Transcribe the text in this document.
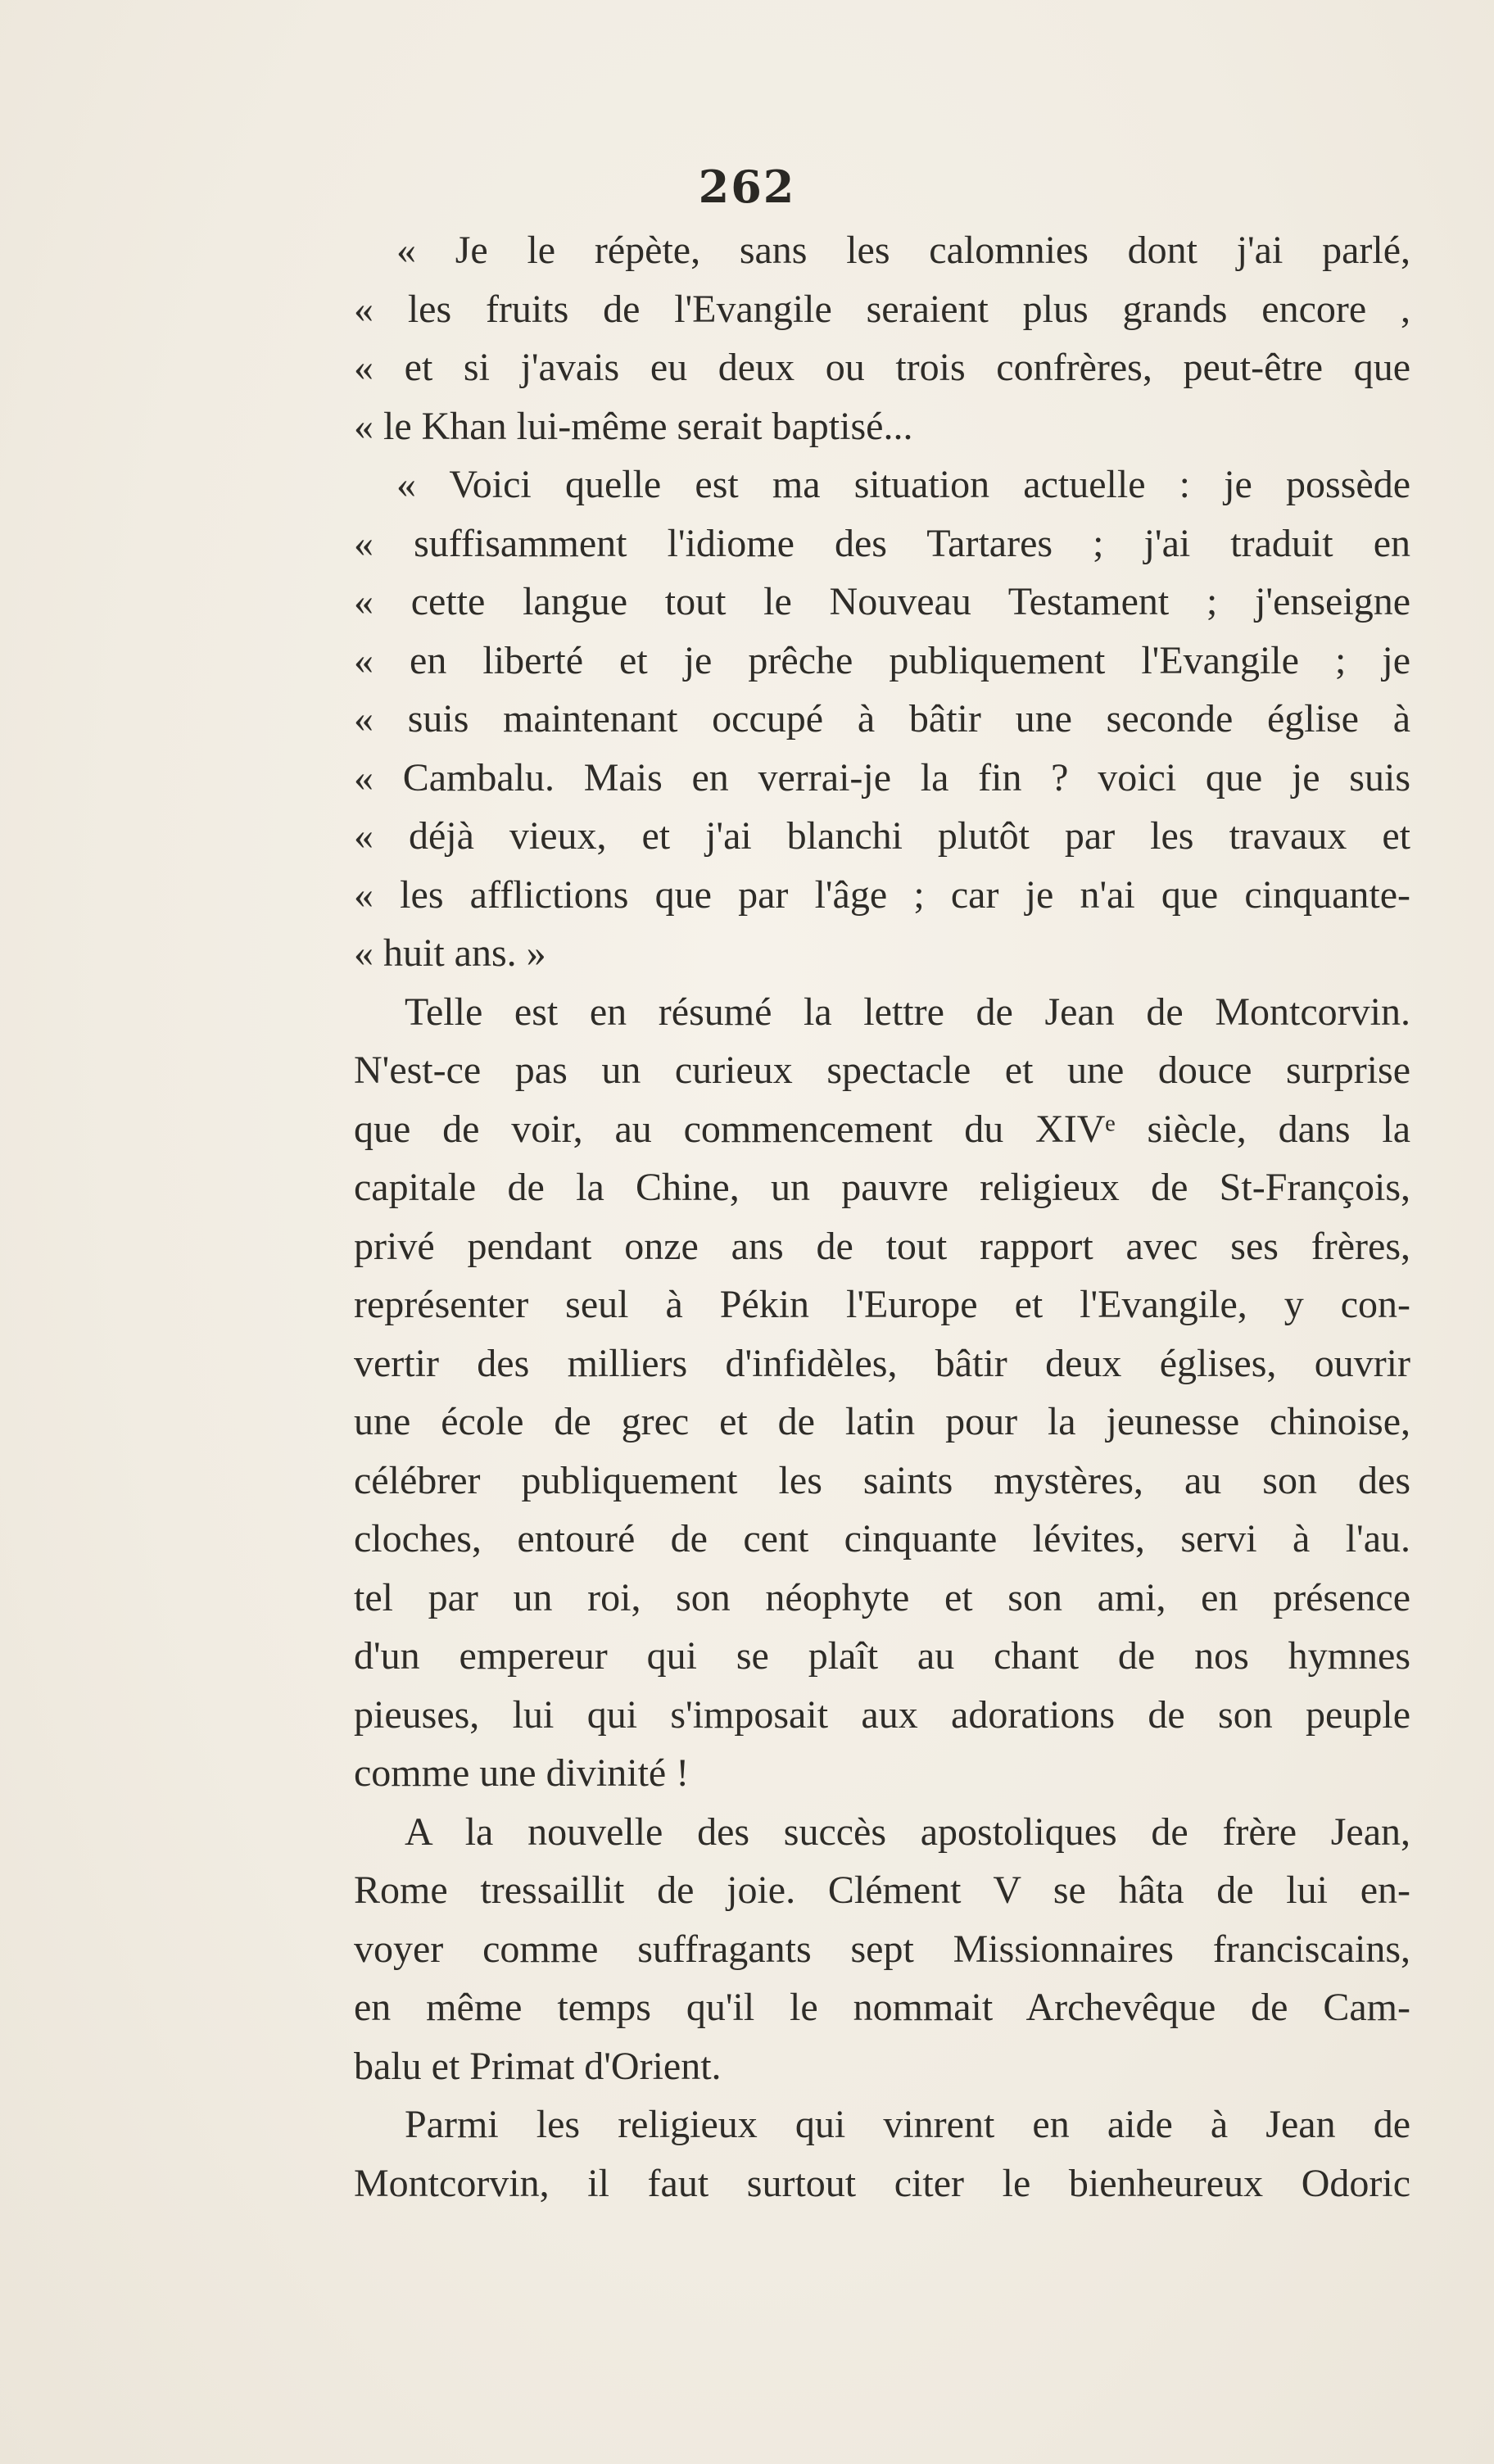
262
« Je le répète, sans les calomnies dont j'ai parlé,
« les fruits de l'Evangile seraient plus grands encore ,
« et si j'avais eu deux ou trois confrères, peut-être que
« le Khan lui-même serait baptisé...
« Voici quelle est ma situation actuelle : je possède
« suffisamment l'idiome des Tartares ; j'ai traduit en
« cette langue tout le Nouveau Testament ; j'enseigne
« en liberté et je prêche publiquement l'Evangile ; je
« suis maintenant occupé à bâtir une seconde église à
« Cambalu. Mais en verrai-je la fin ? voici que je suis
« déjà vieux, et j'ai blanchi plutôt par les travaux et
« les afflictions que par l'âge ; car je n'ai que cinquante-
« huit ans. »
Telle est en résumé la lettre de Jean de Montcorvin.
N'est-ce pas un curieux spectacle et une douce surprise
que de voir, au commencement du XIVᵉ siècle, dans la
capitale de la Chine, un pauvre religieux de St-François,
privé pendant onze ans de tout rapport avec ses frères,
représenter seul à Pékin l'Europe et l'Evangile, y con-
vertir des milliers d'infidèles, bâtir deux églises, ouvrir
une école de grec et de latin pour la jeunesse chinoise,
célébrer publiquement les saints mystères, au son des
cloches, entouré de cent cinquante lévites, servi à l'au.
tel par un roi, son néophyte et son ami, en présence
d'un empereur qui se plaît au chant de nos hymnes
pieuses, lui qui s'imposait aux adorations de son peuple
comme une divinité !
A la nouvelle des succès apostoliques de frère Jean,
Rome tressaillit de joie. Clément V se hâta de lui en-
voyer comme suffragants sept Missionnaires franciscains,
en même temps qu'il le nommait Archevêque de Cam-
balu et Primat d'Orient.
Parmi les religieux qui vinrent en aide à Jean de
Montcorvin, il faut surtout citer le bienheureux Odoric
